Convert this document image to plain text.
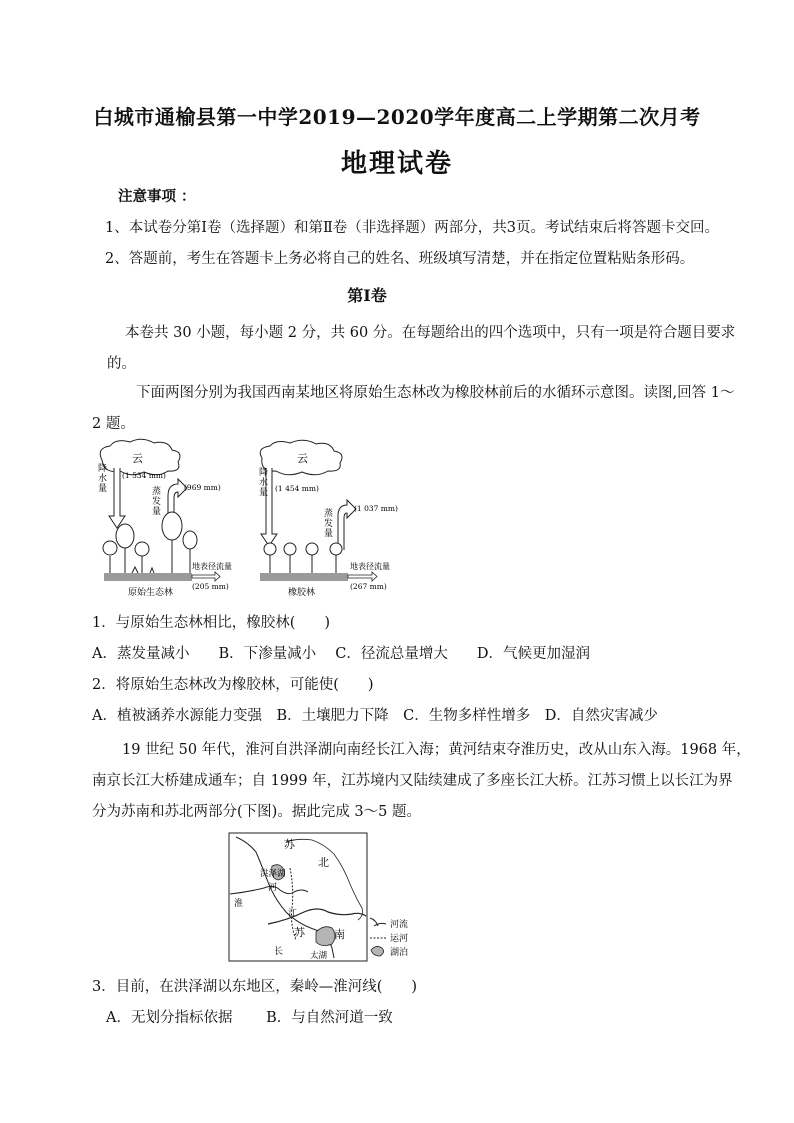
白城市通榆县第一中学2019—2020学年度高二上学期第二次月考
地理试卷
注意事项 ：
1、本试卷分第Ⅰ卷（选择题）和第Ⅱ卷（非选择题）两部分，共3页。考试结束后将答题卡交回。
2、答题前，考生在答题卡上务必将自己的姓名、班级填写清楚，并在指定位置粘贴条形码。
第Ⅰ卷
本卷共 30 小题，每小题 2 分，共 60 分。在每题给出的四个选项中，只有一项是符合题目要求
的。
下面两图分别为我国西南某地区将原始生态林改为橡胶林前后的水循环示意图。读图,回答 1～
2 题。
云
降
水
量
(1 534 mm)
蒸
发
量
(969 mm)
地表径流量
(205 mm)
原始生态林
云
降
水
量 (1 454 mm)
蒸
发
量
(1 037 mm)
地表径流量
(267 mm)
橡胶林
1．与原始生态林相比，橡胶林(　　)
A．蒸发量减小　　B．下渗量减小　 C．径流总量增大　　D．气候更加湿润
2．将原始生态林改为橡胶林，可能使(　　)
A．植被涵养水源能力变强　B．土壤肥力下降　C．生物多样性增多　D．自然灾害减少
19 世纪 50 年代，淮河自洪泽湖向南经长江入海；黄河结束夺淮历史，改从山东入海。1968 年，
南京长江大桥建成通车；自 1999 年，江苏境内又陆续建成了多座长江大桥。江苏习惯上以长江为界
分为苏南和苏北两部分(下图)。据此完成 3～5 题。
苏
北
洪泽湖
淮
河
江
苏	南
长	太湖
河流
运河
湖泊
3．目前，在洪泽湖以东地区，秦岭—淮河线(　　)
A．无划分指标依据　　 B．与自然河道一致
